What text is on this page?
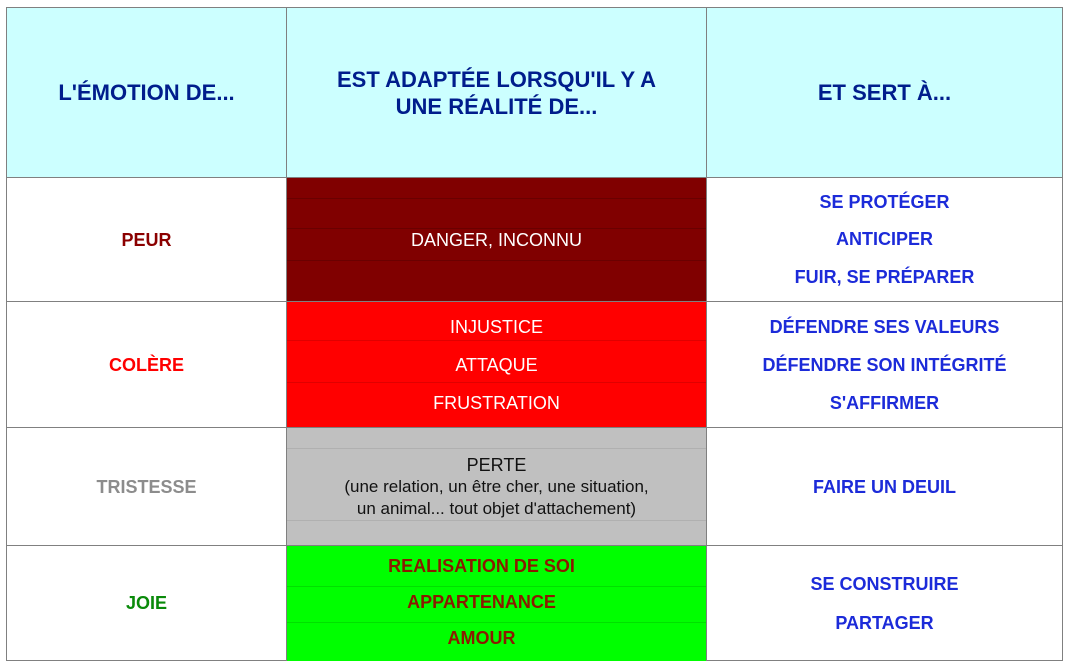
L'ÉMOTION DE...
EST ADAPTÉE LORSQU'IL Y A
UNE RÉALITÉ DE...
ET SERT À...
PEUR	DANGER, INCONNU
SE PROTÉGER
ANTICIPER
FUIR, SE PRÉPARER
COLÈRE
INJUSTICE
ATTAQUE
FRUSTRATION
DÉFENDRE SES VALEURS
DÉFENDRE SON INTÉGRITÉ
S'AFFIRMER
TRISTESSE
PERTE
(une relation, un être cher, une situation,
un animal... tout objet d'attachement)
FAIRE UN DEUIL
JOIE
REALISATION DE SOI
APPARTENANCE
AMOUR
SE CONSTRUIRE
PARTAGER
